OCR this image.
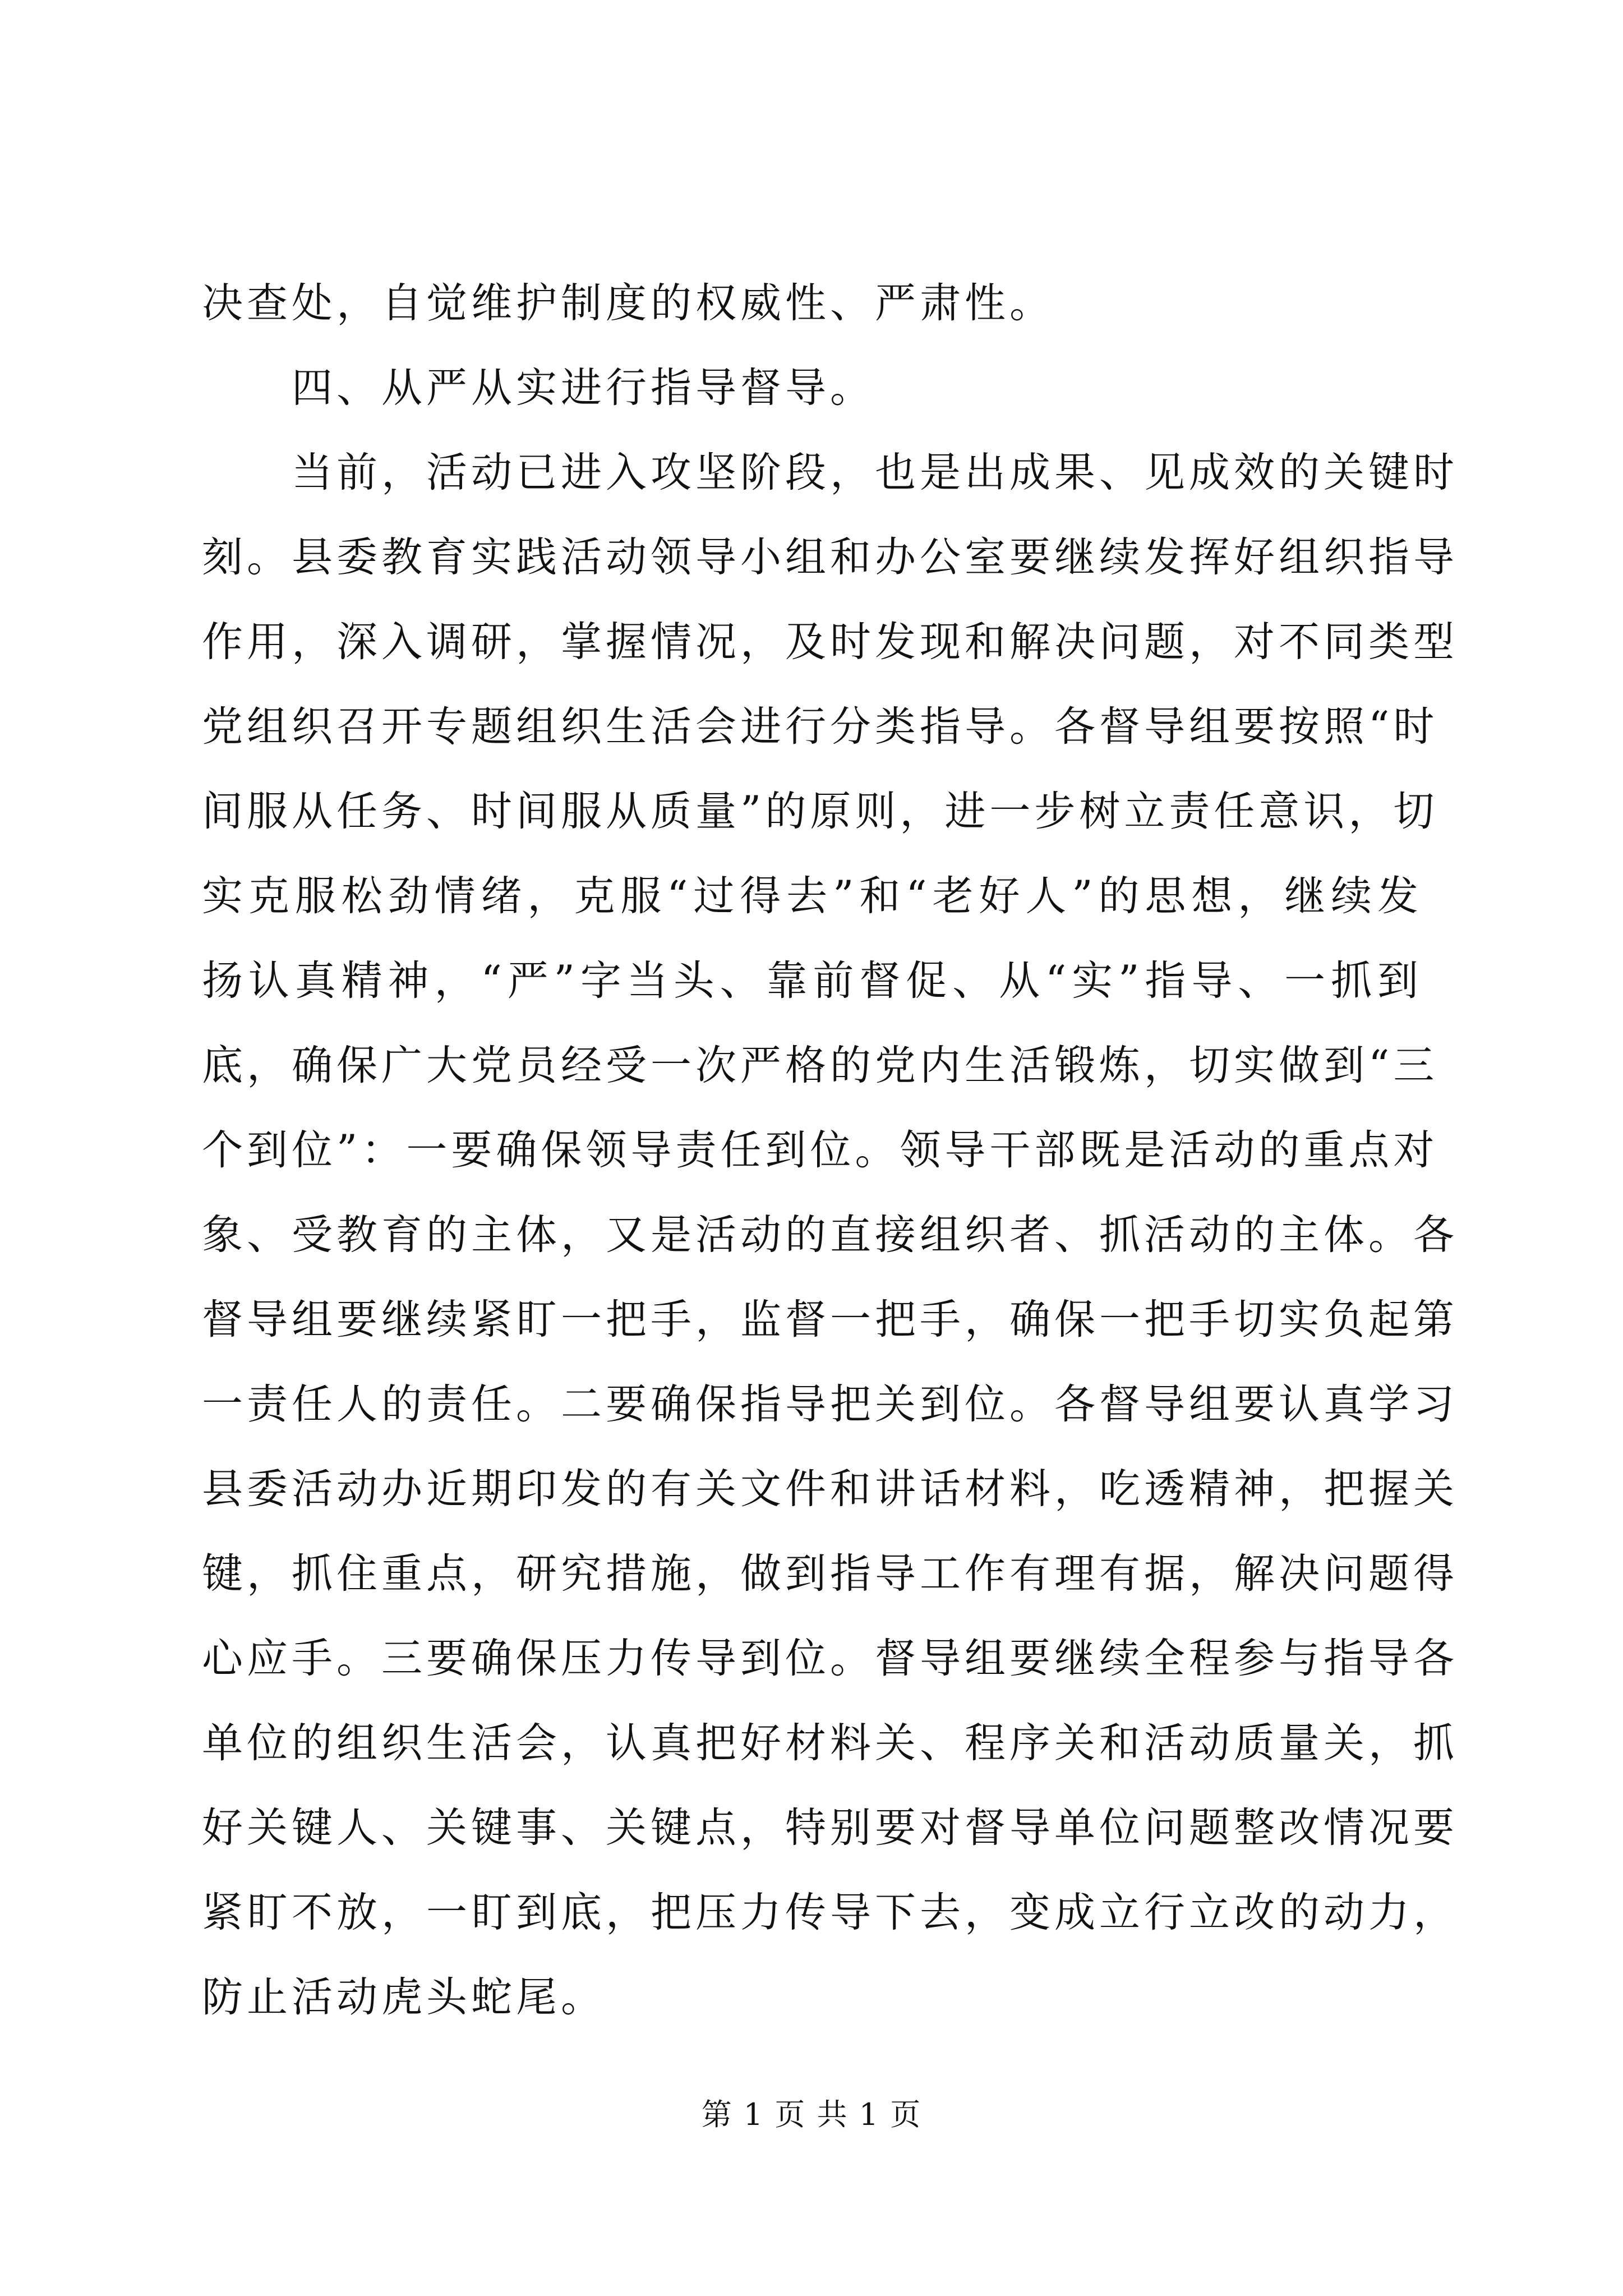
决查处，自觉维护制度的权威性、严肃性。
四、从严从实进行指导督导。
当前，活动已进入攻坚阶段，也是出成果、见成效的关键时
刻。县委教育实践活动领导小组和办公室要继续发挥好组织指导
作用，深入调研，掌握情况，及时发现和解决问题，对不同类型
党组织召开专题组织生活会进行分类指导。各督导组要按照“时
间服从任务、时间服从质量”的原则，进一步树立责任意识，切
实克服松劲情绪，克服“过得去”和“老好人”的思想，继续发
扬认真精神，“严”字当头、靠前督促、从“实”指导、一抓到
底，确保广大党员经受一次严格的党内生活锻炼，切实做到“三
个到位”：一要确保领导责任到位。领导干部既是活动的重点对
象、受教育的主体，又是活动的直接组织者、抓活动的主体。各
督导组要继续紧盯一把手，监督一把手，确保一把手切实负起第
一责任人的责任。二要确保指导把关到位。各督导组要认真学习
县委活动办近期印发的有关文件和讲话材料，吃透精神，把握关
键，抓住重点，研究措施，做到指导工作有理有据，解决问题得
心应手。三要确保压力传导到位。督导组要继续全程参与指导各
单位的组织生活会，认真把好材料关、程序关和活动质量关，抓
好关键人、关键事、关键点，特别要对督导单位问题整改情况要
紧盯不放，一盯到底，把压力传导下去，变成立行立改的动力，
防止活动虎头蛇尾。
第 1 页 共 1 页
